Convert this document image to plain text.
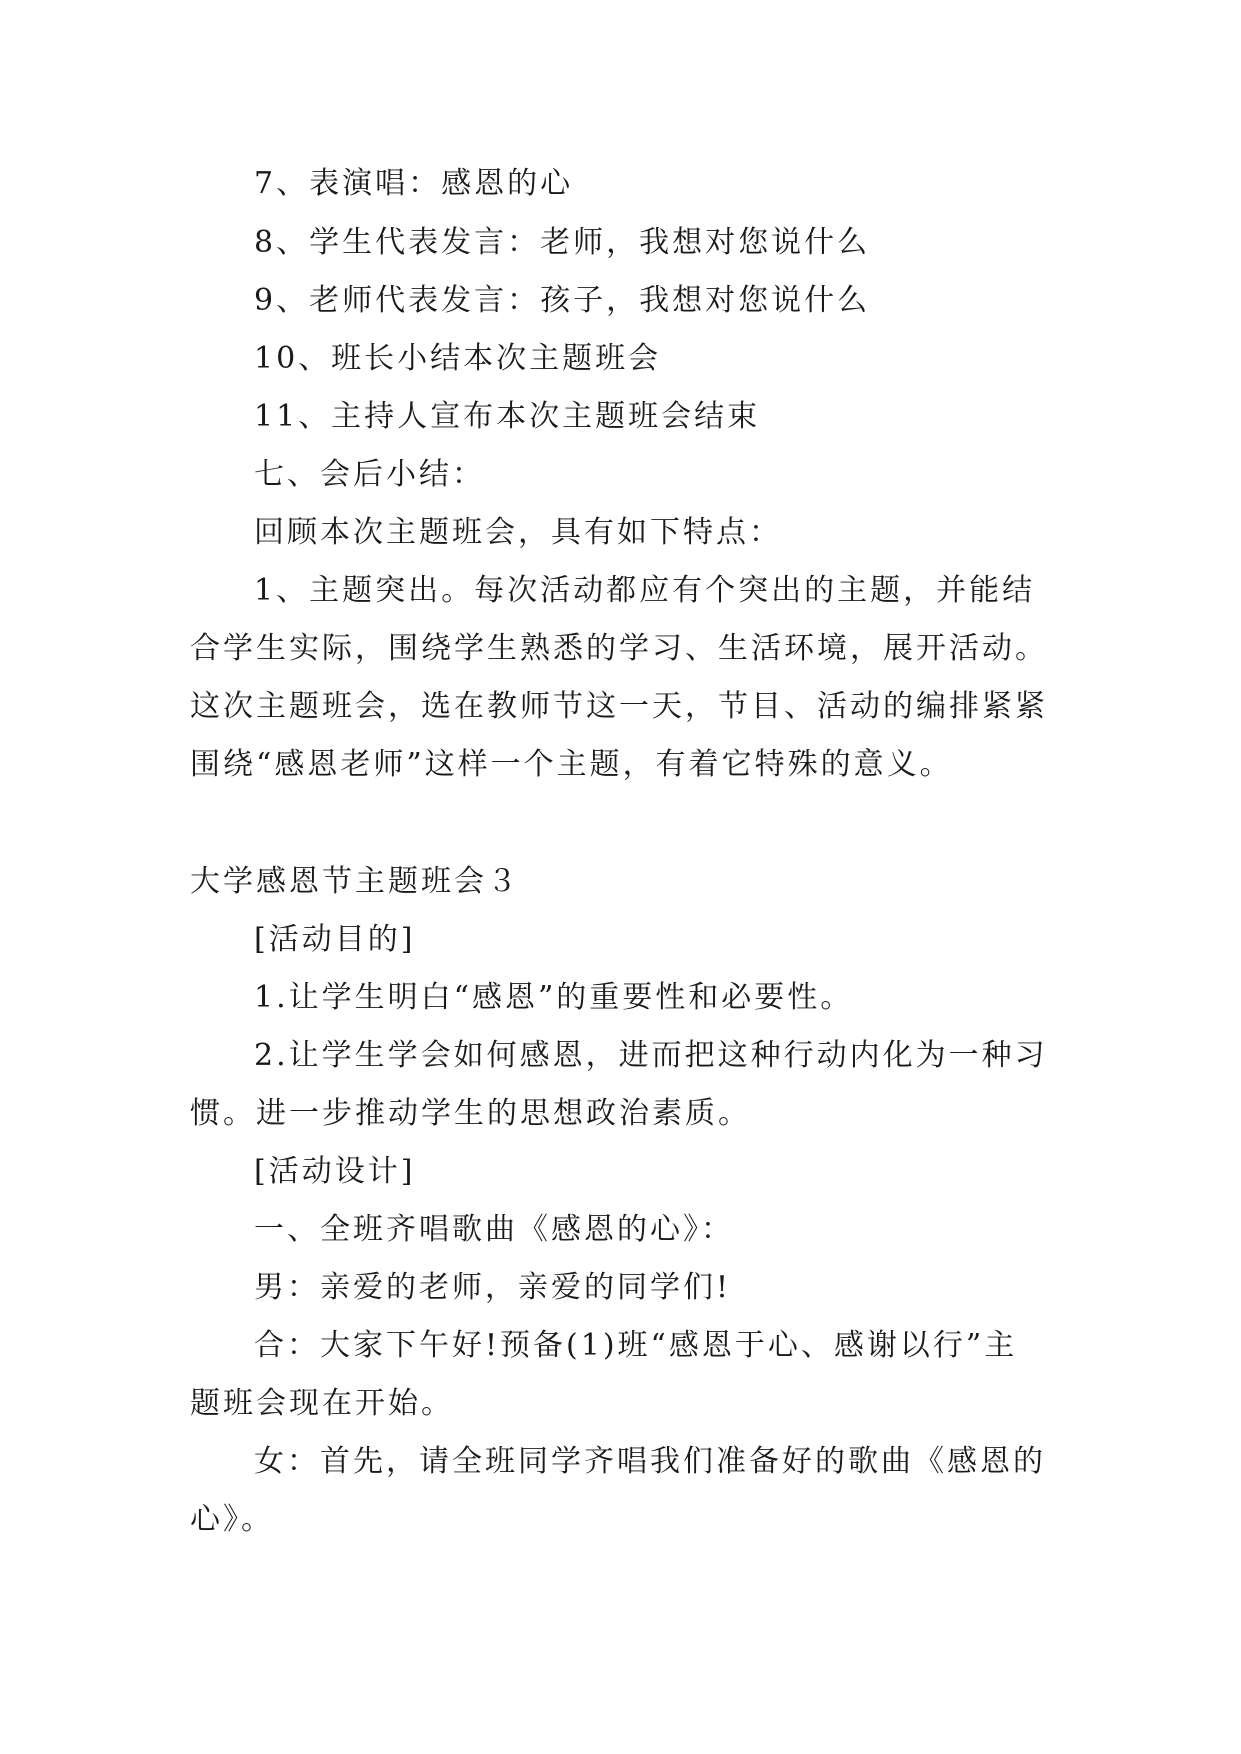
7、表演唱：感恩的心
8、学生代表发言：老师，我想对您说什么
9、老师代表发言：孩子，我想对您说什么
10、班长小结本次主题班会
11、主持人宣布本次主题班会结束
七、会后小结：
回顾本次主题班会，具有如下特点：
1、主题突出。每次活动都应有个突出的主题，并能结
合学生实际，围绕学生熟悉的学习、生活环境，展开活动。
这次主题班会，选在教师节这一天，节目、活动的编排紧紧
围绕“感恩老师”这样一个主题，有着它特殊的意义。
大学感恩节主题班会３
[活动目的]
1.让学生明白“感恩”的重要性和必要性。
2.让学生学会如何感恩，进而把这种行动内化为一种习
惯。进一步推动学生的思想政治素质。
[活动设计]
一、全班齐唱歌曲《感恩的心》：
男：亲爱的老师，亲爱的同学们!
合：大家下午好!预备(1)班“感恩于心、感谢以行”主
题班会现在开始。
女：首先，请全班同学齐唱我们准备好的歌曲《感恩的
心》。
